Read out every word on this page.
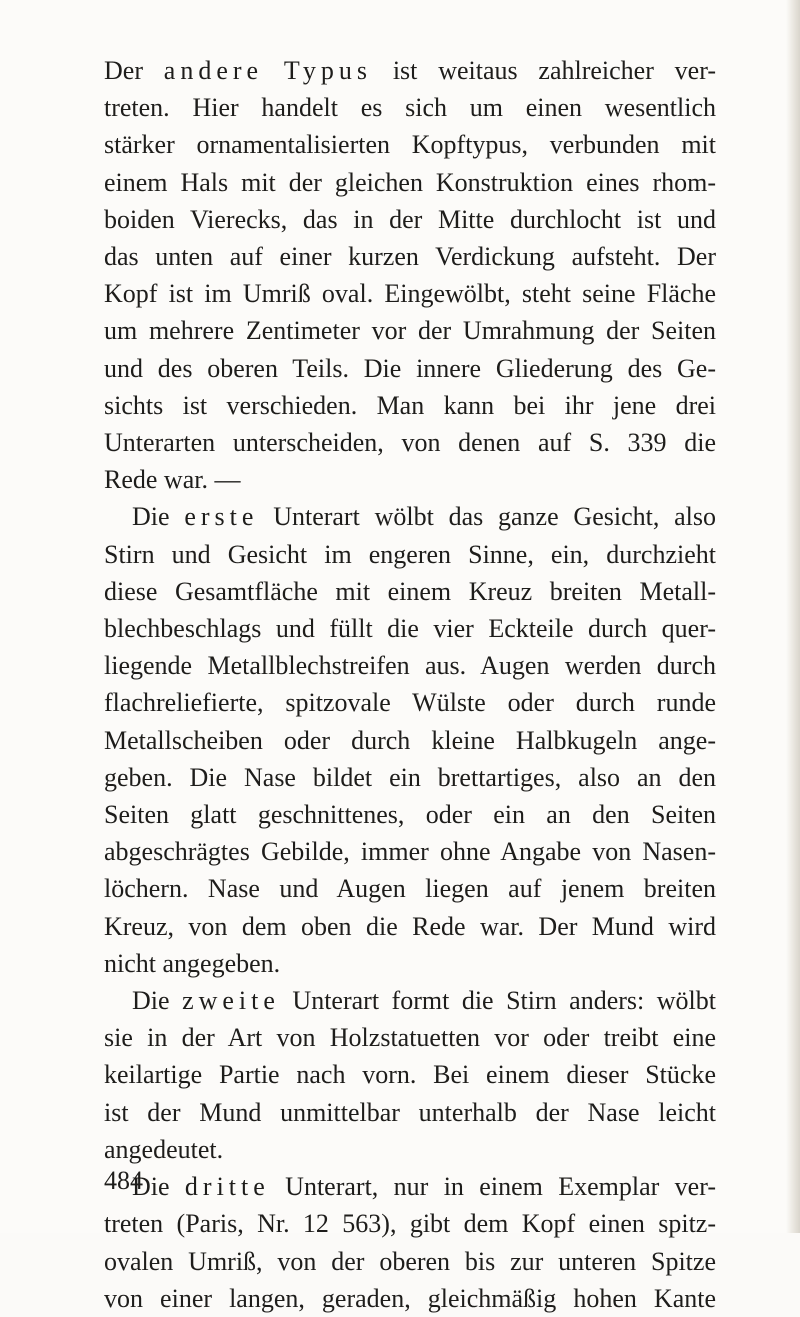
Der andere Typus ist weitaus zahlreicher ver-
treten. Hier handelt es sich um einen wesentlich
stärker ornamentalisierten Kopftypus, verbunden mit
einem Hals mit der gleichen Konstruktion eines rhom-
boiden Vierecks, das in der Mitte durchlocht ist und
das unten auf einer kurzen Verdickung aufsteht. Der
Kopf ist im Umriß oval. Eingewölbt, steht seine Fläche
um mehrere Zentimeter vor der Umrahmung der Seiten
und des oberen Teils. Die innere Gliederung des Ge-
sichts ist verschieden. Man kann bei ihr jene drei
Unterarten unterscheiden, von denen auf S. 339 die
Rede war. —

Die erste Unterart wölbt das ganze Gesicht, also
Stirn und Gesicht im engeren Sinne, ein, durchzieht
diese Gesamtfläche mit einem Kreuz breiten Metall-
blechbeschlags und füllt die vier Eckteile durch quer-
liegende Metallblechstreifen aus. Augen werden durch
flachreliefierte, spitzovale Wülste oder durch runde
Metallscheiben oder durch kleine Halbkugeln ange-
geben. Die Nase bildet ein brettartiges, also an den
Seiten glatt geschnittenes, oder ein an den Seiten
abgeschrägtes Gebilde, immer ohne Angabe von Nasen-
löchern. Nase und Augen liegen auf jenem breiten
Kreuz, von dem oben die Rede war. Der Mund wird
nicht angegeben.

Die zweite Unterart formt die Stirn anders: wölbt
sie in der Art von Holzstatuetten vor oder treibt eine
keilartige Partie nach vorn. Bei einem dieser Stücke
ist der Mund unmittelbar unterhalb der Nase leicht
angedeutet.

Die dritte Unterart, nur in einem Exemplar ver-
treten (Paris, Nr. 12 563), gibt dem Kopf einen spitz-
ovalen Umriß, von der oberen bis zur unteren Spitze
von einer langen, geraden, gleichmäßig hohen Kante

484
